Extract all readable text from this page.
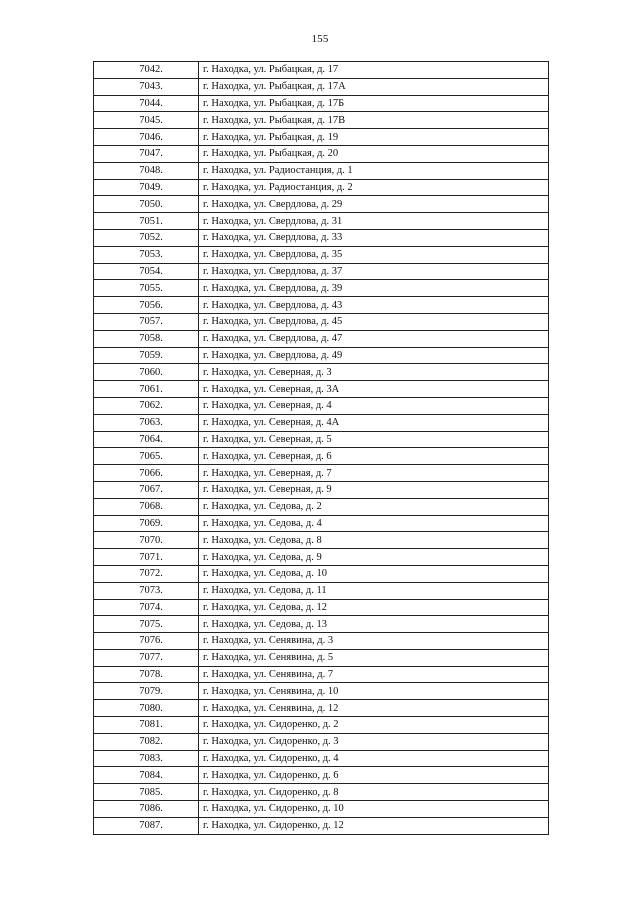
155
7042.	г. Находка, ул. Рыбацкая, д. 17
7043.	г. Находка, ул. Рыбацкая, д. 17А
7044.	г. Находка, ул. Рыбацкая, д. 17Б
7045.	г. Находка, ул. Рыбацкая, д. 17В
7046.	г. Находка, ул. Рыбацкая, д. 19
7047.	г. Находка, ул. Рыбацкая, д. 20
7048.	г. Находка, ул. Радиостанция, д. 1
7049.	г. Находка, ул. Радиостанция, д. 2
7050.	г. Находка, ул. Свердлова, д. 29
7051.	г. Находка, ул. Свердлова, д. 31
7052.	г. Находка, ул. Свердлова, д. 33
7053.	г. Находка, ул. Свердлова, д. 35
7054.	г. Находка, ул. Свердлова, д. 37
7055.	г. Находка, ул. Свердлова, д. 39
7056.	г. Находка, ул. Свердлова, д. 43
7057.	г. Находка, ул. Свердлова, д. 45
7058.	г. Находка, ул. Свердлова, д. 47
7059.	г. Находка, ул. Свердлова, д. 49
7060.	г. Находка, ул. Северная, д. 3
7061.	г. Находка, ул. Северная, д. 3А
7062.	г. Находка, ул. Северная, д. 4
7063.	г. Находка, ул. Северная, д. 4А
7064.	г. Находка, ул. Северная, д. 5
7065.	г. Находка, ул. Северная, д. 6
7066.	г. Находка, ул. Северная, д. 7
7067.	г. Находка, ул. Северная, д. 9
7068.	г. Находка, ул. Седова, д. 2
7069.	г. Находка, ул. Седова, д. 4
7070.	г. Находка, ул. Седова, д. 8
7071.	г. Находка, ул. Седова, д. 9
7072.	г. Находка, ул. Седова, д. 10
7073.	г. Находка, ул. Седова, д. 11
7074.	г. Находка, ул. Седова, д. 12
7075.	г. Находка, ул. Седова, д. 13
7076.	г. Находка, ул. Сенявина, д. 3
7077.	г. Находка, ул. Сенявина, д. 5
7078.	г. Находка, ул. Сенявина, д. 7
7079.	г. Находка, ул. Сенявина, д. 10
7080.	г. Находка, ул. Сенявина, д. 12
7081.	г. Находка, ул. Сидоренко, д. 2
7082.	г. Находка, ул. Сидоренко, д. 3
7083.	г. Находка, ул. Сидоренко, д. 4
7084.	г. Находка, ул. Сидоренко, д. 6
7085.	г. Находка, ул. Сидоренко, д. 8
7086.	г. Находка, ул. Сидоренко, д. 10
7087.	г. Находка, ул. Сидоренко, д. 12
